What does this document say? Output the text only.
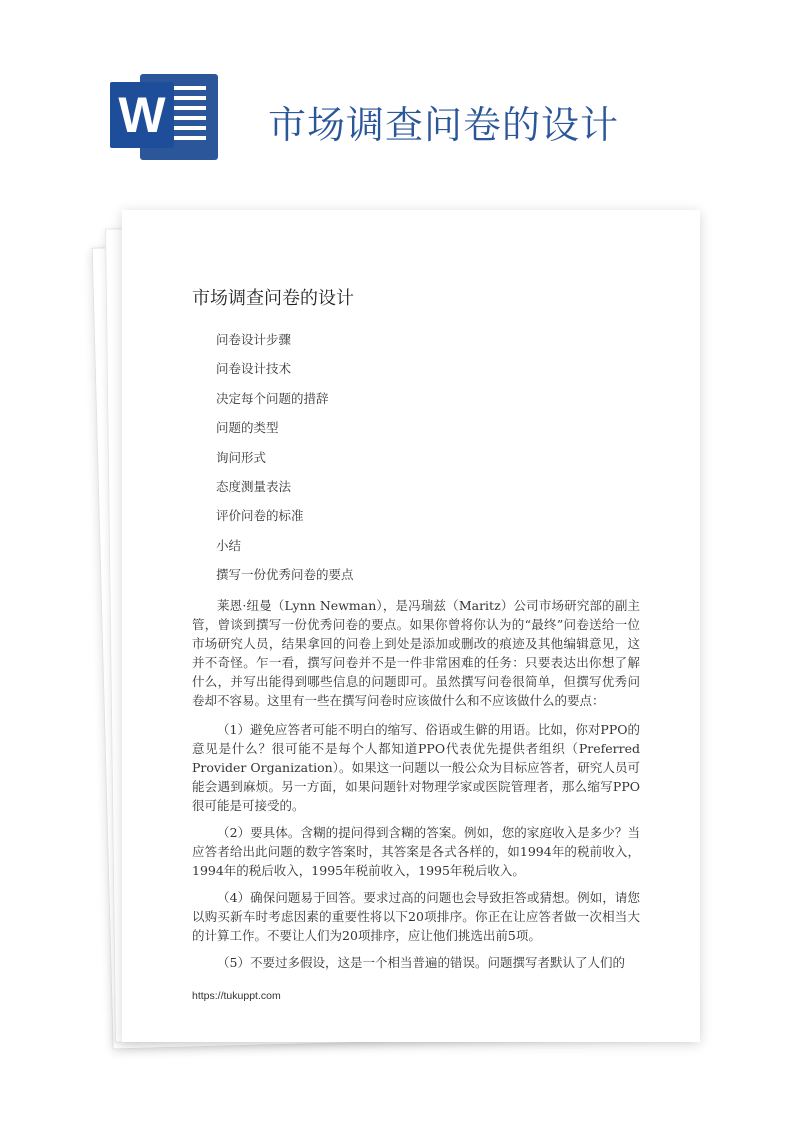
W	市场调查问卷的设计
市场调查问卷的设计
问卷设计步骤
问卷设计技术
决定每个问题的措辞
问题的类型
询问形式
态度测量表法
评价问卷的标准
小结
撰写一份优秀问卷的要点

莱恩·纽曼（Lynn Newman），是冯瑞兹（Maritz）公司市场研究部的副主管，曾谈到撰写一份优秀问卷的要点。如果你曾将你认为的“最终”问卷送给一位市场研究人员，结果拿回的问卷上到处是添加或删改的痕迹及其他编辑意见，这并不奇怪。乍一看，撰写问卷并不是一件非常困难的任务：只要表达出你想了解什么，并写出能得到哪些信息的问题即可。虽然撰写问卷很简单，但撰写优秀问卷却不容易。这里有一些在撰写问卷时应该做什么和不应该做什么的要点：

（1）避免应答者可能不明白的缩写、俗语或生僻的用语。比如，你对PPO的意见是什么？很可能不是每个人都知道PPO代表优先提供者组织（Preferred Provider Organization）。如果这一问题以一般公众为目标应答者，研究人员可能会遇到麻烦。另一方面，如果问题针对物理学家或医院管理者，那么缩写PPO很可能是可接受的。

（2）要具体。含糊的提问得到含糊的答案。例如，您的家庭收入是多少？当应答者给出此问题的数字答案时，其答案是各式各样的，如1994年的税前收入，1994年的税后收入，1995年税前收入，1995年税后收入。

（4）确保问题易于回答。要求过高的问题也会导致拒答或猜想。例如，请您以购买新车时考虑因素的重要性将以下20项排序。你正在让应答者做一次相当大的计算工作。不要让人们为20项排序，应让他们挑选出前5项。

（5）不要过多假设，这是一个相当普遍的错误。问题撰写者默认了人们的

https://tukuppt.com
